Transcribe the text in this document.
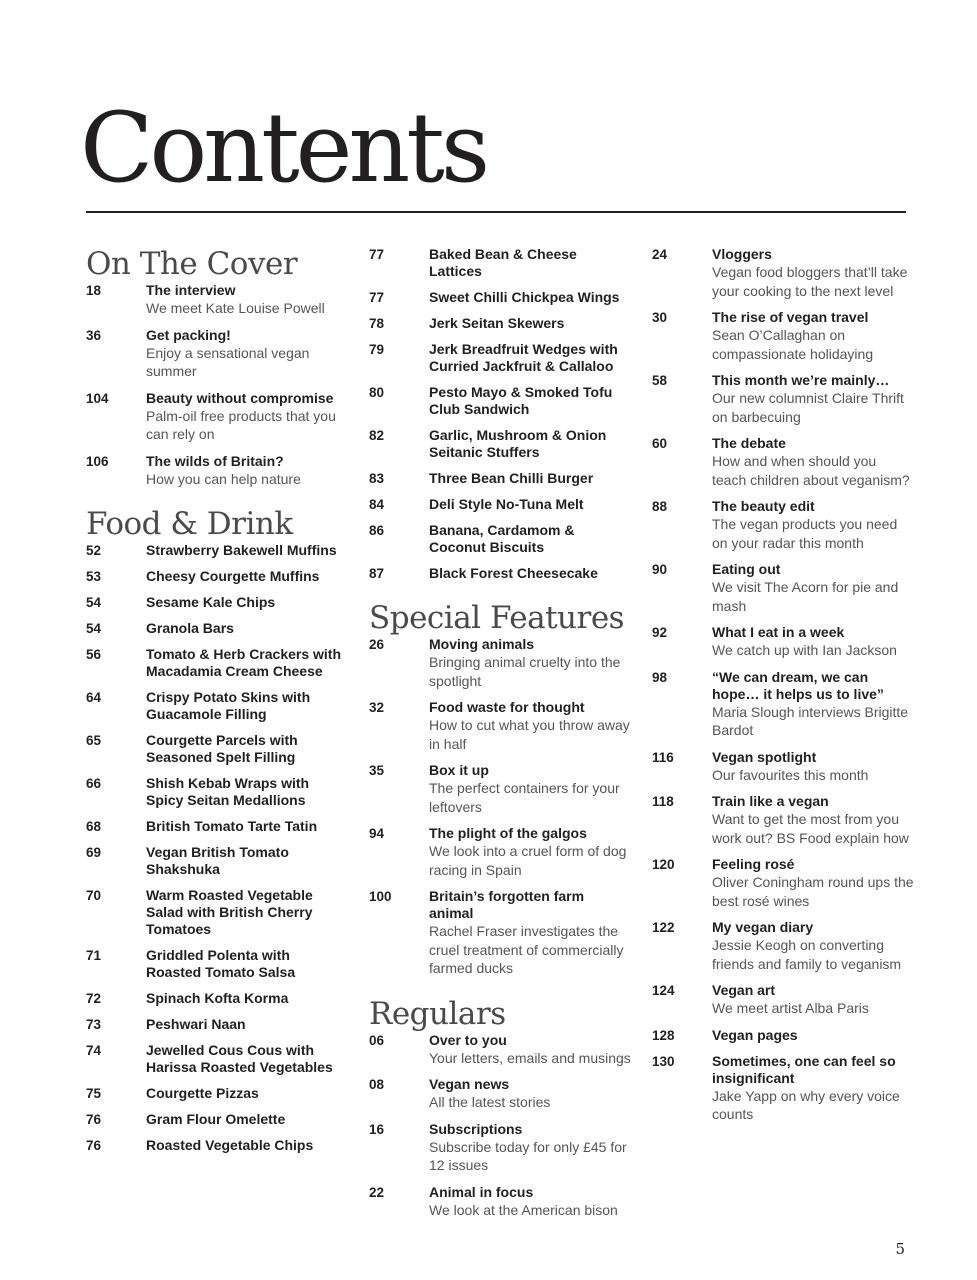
Contents
On The Cover
18	The interview
We meet Kate Louise Powell
36	Get packing!
Enjoy a sensational vegan summer
104	Beauty without compromise
Palm-oil free products that you can rely on
106	The wilds of Britain?
How you can help nature
Food & Drink
52	Strawberry Bakewell Muffins
53	Cheesy Courgette Muffins
54	Sesame Kale Chips
54	Granola Bars
56	Tomato & Herb Crackers with Macadamia Cream Cheese
64	Crispy Potato Skins with Guacamole Filling
65	Courgette Parcels with Seasoned Spelt Filling
66	Shish Kebab Wraps with Spicy Seitan Medallions
68	British Tomato Tarte Tatin
69	Vegan British Tomato Shakshuka
70	Warm Roasted Vegetable Salad with British Cherry Tomatoes
71	Griddled Polenta with Roasted Tomato Salsa
72	Spinach Kofta Korma
73	Peshwari Naan
74	Jewelled Cous Cous with Harissa Roasted Vegetables
75	Courgette Pizzas
76	Gram Flour Omelette
76	Roasted Vegetable Chips
77	Baked Bean & Cheese Lattices
77	Sweet Chilli Chickpea Wings
78	Jerk Seitan Skewers
79	Jerk Breadfruit Wedges with Curried Jackfruit & Callaloo
80	Pesto Mayo & Smoked Tofu Club Sandwich
82	Garlic, Mushroom & Onion Seitanic Stuffers
83	Three Bean Chilli Burger
84	Deli Style No-Tuna Melt
86	Banana, Cardamom & Coconut Biscuits
87	Black Forest Cheesecake
Special Features
26	Moving animals
Bringing animal cruelty into the spotlight
32	Food waste for thought
How to cut what you throw away in half
35	Box it up
The perfect containers for your leftovers
94	The plight of the galgos
We look into a cruel form of dog racing in Spain
100	Britain’s forgotten farm animal
Rachel Fraser investigates the cruel treatment of commercially farmed ducks
Regulars
06	Over to you
Your letters, emails and musings
08	Vegan news
All the latest stories
16	Subscriptions
Subscribe today for only £45 for 12 issues
22	Animal in focus
We look at the American bison
24	Vloggers
Vegan food bloggers that’ll take your cooking to the next level
30	The rise of vegan travel
Sean O’Callaghan on compassionate holidaying
58	This month we’re mainly…
Our new columnist Claire Thrift on barbecuing
60	The debate
How and when should you teach children about veganism?
88	The beauty edit
The vegan products you need on your radar this month
90	Eating out
We visit The Acorn for pie and mash
92	What I eat in a week
We catch up with Ian Jackson
98	“We can dream, we can hope… it helps us to live”
Maria Slough interviews Brigitte Bardot
116	Vegan spotlight
Our favourites this month
118	Train like a vegan
Want to get the most from you work out? BS Food explain how
120	Feeling rosé
Oliver Coningham round ups the best rosé wines
122	My vegan diary
Jessie Keogh on converting friends and family to veganism
124	Vegan art
We meet artist Alba Paris
128	Vegan pages
130	Sometimes, one can feel so insignificant
Jake Yapp on why every voice counts
5
